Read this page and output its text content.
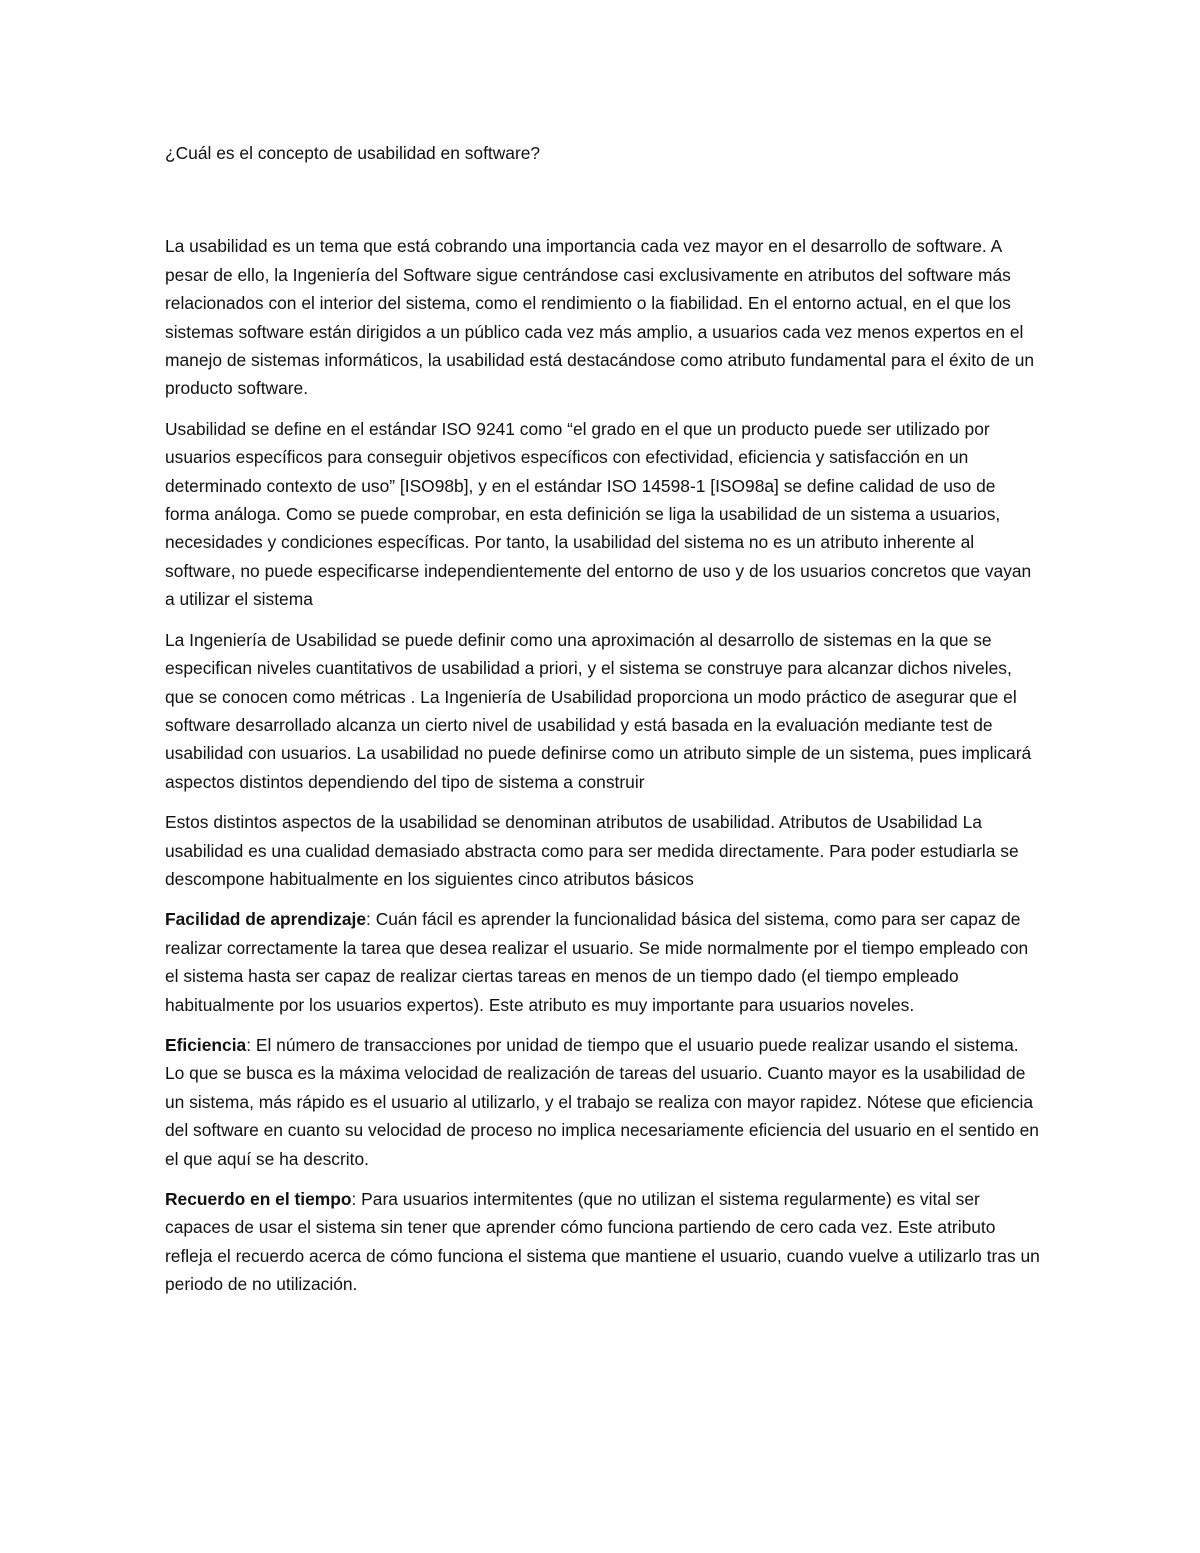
¿Cuál es el concepto de usabilidad en software?

La usabilidad es un tema que está cobrando una importancia cada vez mayor en el desarrollo de software. A pesar de ello, la Ingeniería del Software sigue centrándose casi exclusivamente en atributos del software más relacionados con el interior del sistema, como el rendimiento o la fiabilidad. En el entorno actual, en el que los sistemas software están dirigidos a un público cada vez más amplio, a usuarios cada vez menos expertos en el manejo de sistemas informáticos, la usabilidad está destacándose como atributo fundamental para el éxito de un producto software.

Usabilidad se define en el estándar ISO 9241 como “el grado en el que un producto puede ser utilizado por usuarios específicos para conseguir objetivos específicos con efectividad, eficiencia y satisfacción en un determinado contexto de uso” [ISO98b], y en el estándar ISO 14598-1 [ISO98a] se define calidad de uso de forma análoga. Como se puede comprobar, en esta definición se liga la usabilidad de un sistema a usuarios, necesidades y condiciones específicas. Por tanto, la usabilidad del sistema no es un atributo inherente al software, no puede especificarse independientemente del entorno de uso y de los usuarios concretos que vayan a utilizar el sistema

La Ingeniería de Usabilidad se puede definir como una aproximación al desarrollo de sistemas en la que se especifican niveles cuantitativos de usabilidad a priori, y el sistema se construye para alcanzar dichos niveles, que se conocen como métricas . La Ingeniería de Usabilidad proporciona un modo práctico de asegurar que el software desarrollado alcanza un cierto nivel de usabilidad y está basada en la evaluación mediante test de usabilidad con usuarios. La usabilidad no puede definirse como un atributo simple de un sistema, pues implicará aspectos distintos dependiendo del tipo de sistema a construir

Estos distintos aspectos de la usabilidad se denominan atributos de usabilidad. Atributos de Usabilidad La usabilidad es una cualidad demasiado abstracta como para ser medida directamente. Para poder estudiarla se descompone habitualmente en los siguientes cinco atributos básicos

Facilidad de aprendizaje: Cuán fácil es aprender la funcionalidad básica del sistema, como para ser capaz de realizar correctamente la tarea que desea realizar el usuario. Se mide normalmente por el tiempo empleado con el sistema hasta ser capaz de realizar ciertas tareas en menos de un tiempo dado (el tiempo empleado habitualmente por los usuarios expertos). Este atributo es muy importante para usuarios noveles.

Eficiencia: El número de transacciones por unidad de tiempo que el usuario puede realizar usando el sistema. Lo que se busca es la máxima velocidad de realización de tareas del usuario. Cuanto mayor es la usabilidad de un sistema, más rápido es el usuario al utilizarlo, y el trabajo se realiza con mayor rapidez. Nótese que eficiencia del software en cuanto su velocidad de proceso no implica necesariamente eficiencia del usuario en el sentido en el que aquí se ha descrito.

Recuerdo en el tiempo: Para usuarios intermitentes (que no utilizan el sistema regularmente) es vital ser capaces de usar el sistema sin tener que aprender cómo funciona partiendo de cero cada vez. Este atributo refleja el recuerdo acerca de cómo funciona el sistema que mantiene el usuario, cuando vuelve a utilizarlo tras un periodo de no utilización.
